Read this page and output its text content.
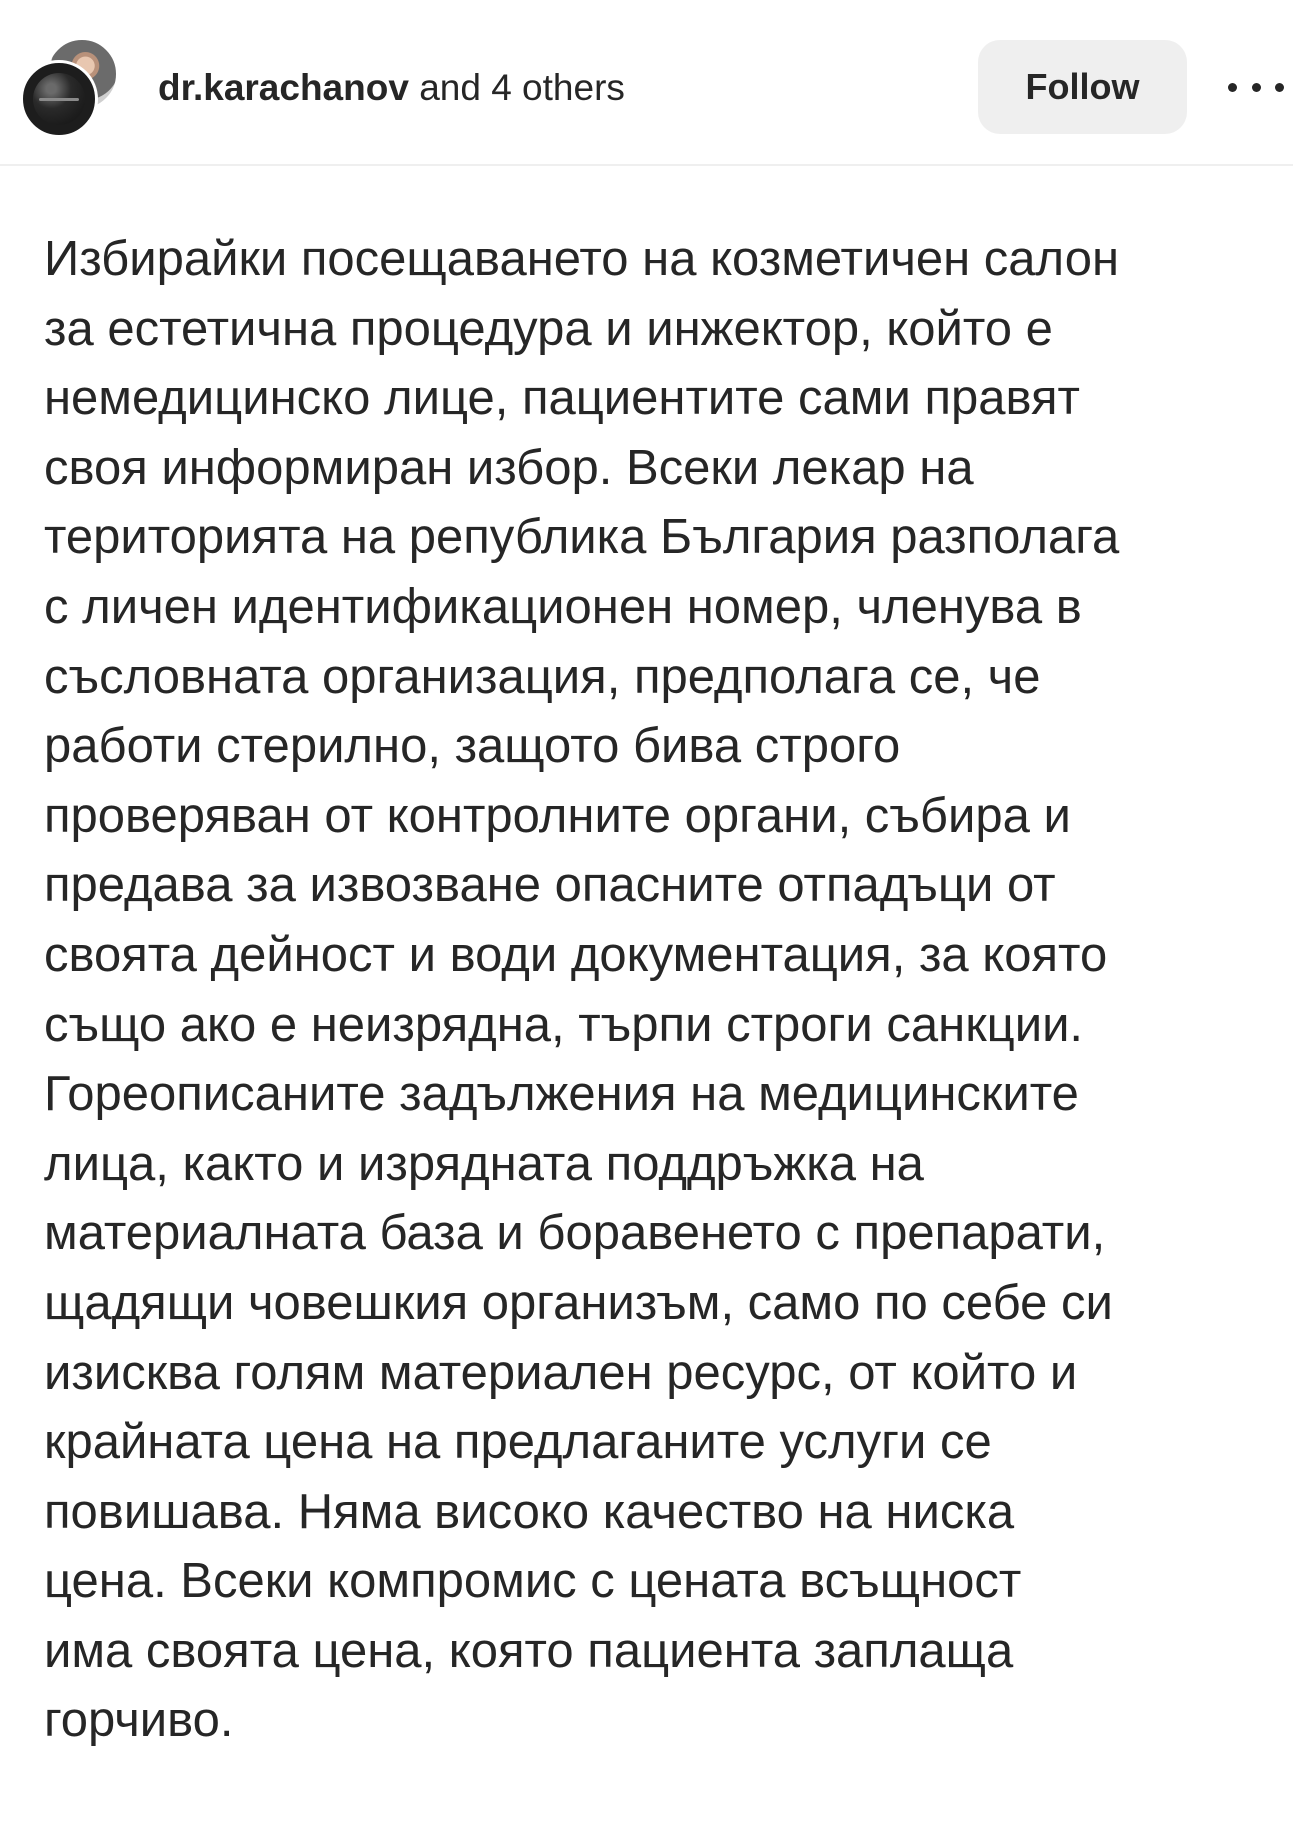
dr.karachanov and 4 others	Follow
Избирайки посещаването на козметичен салон
за естетична процедура и инжектор, който е
немедицинско лице, пациентите сами правят
своя информиран избор. Всеки лекар на
територията на република България разполага
с личен идентификационен номер, членува в
съсловната организация, предполага се, че
работи стерилно, защото бива строго
проверяван от контролните органи, събира и
предава за извозване опасните отпадъци от
своята дейност и води документация, за която
също ако е неизрядна, търпи строги санкции.
Гореописаните задължения на медицинските
лица, както и изрядната поддръжка на
материалната база и боравенето с препарати,
щадящи човешкия организъм, само по себе си
изисква голям материален ресурс, от който и
крайната цена на предлаганите услуги се
повишава. Няма високо качество на ниска
цена. Всеки компромис с цената всъщност
има своята цена, която пациента заплаща
горчиво.
